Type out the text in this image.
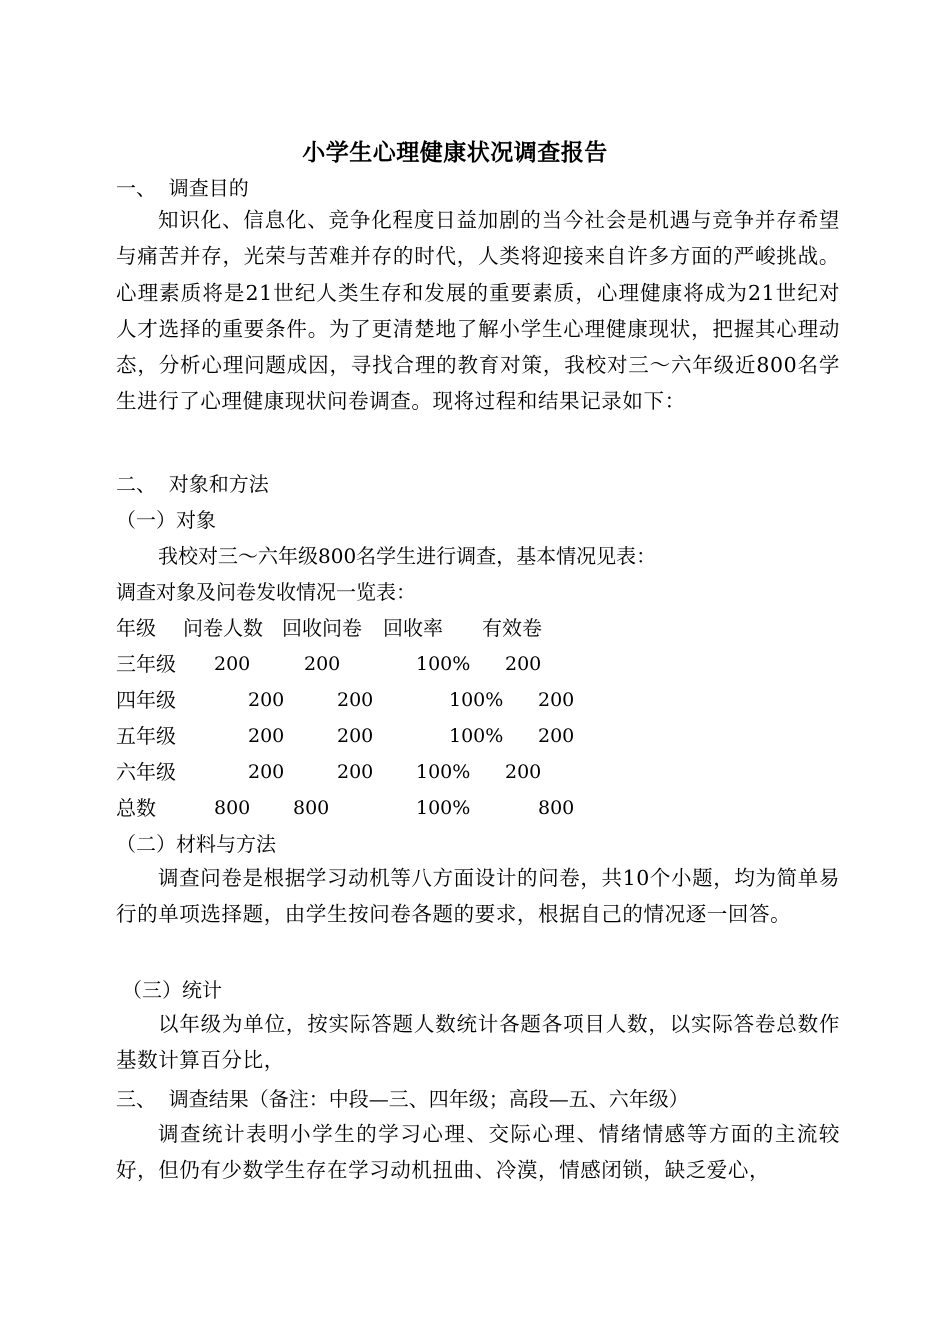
小学生心理健康状况调查报告
一、  调查目的
知识化、信息化、竞争化程度日益加剧的当今社会是机遇与竞争并存希望与痛苦并存，光荣与苦难并存的时代，人类将迎接来自许多方面的严峻挑战。心理素质将是21世纪人类生存和发展的重要素质，心理健康将成为21世纪对人才选择的重要条件。为了更清楚地了解小学生心理健康现状，把握其心理动态，分析心理问题成因，寻找合理的教育对策，我校对三～六年级近800名学生进行了心理健康现状问卷调查。现将过程和结果记录如下：
二、  对象和方法
（一）对象
我校对三～六年级800名学生进行调查，基本情况见表：
调查对象及问卷发收情况一览表：
年级 问卷人数 回收问卷 回收率 有效卷
三年级 200	200	100% 200
四年级	200	200	100% 200
五年级	200	200	100% 200
六年级	200	200 100% 200
总数	800 800	100%	800
（二）材料与方法
调查问卷是根据学习动机等八方面设计的问卷，共10个小题，均为简单易行的单项选择题，由学生按问卷各题的要求，根据自己的情况逐一回答。
（三）统计
以年级为单位，按实际答题人数统计各题各项目人数，以实际答卷总数作基数计算百分比，
三、  调查结果（备注：中段—三、四年级；高段—五、六年级）
调查统计表明小学生的学习心理、交际心理、情绪情感等方面的主流较好，但仍有少数学生存在学习动机扭曲、冷漠，情感闭锁，缺乏爱心，
